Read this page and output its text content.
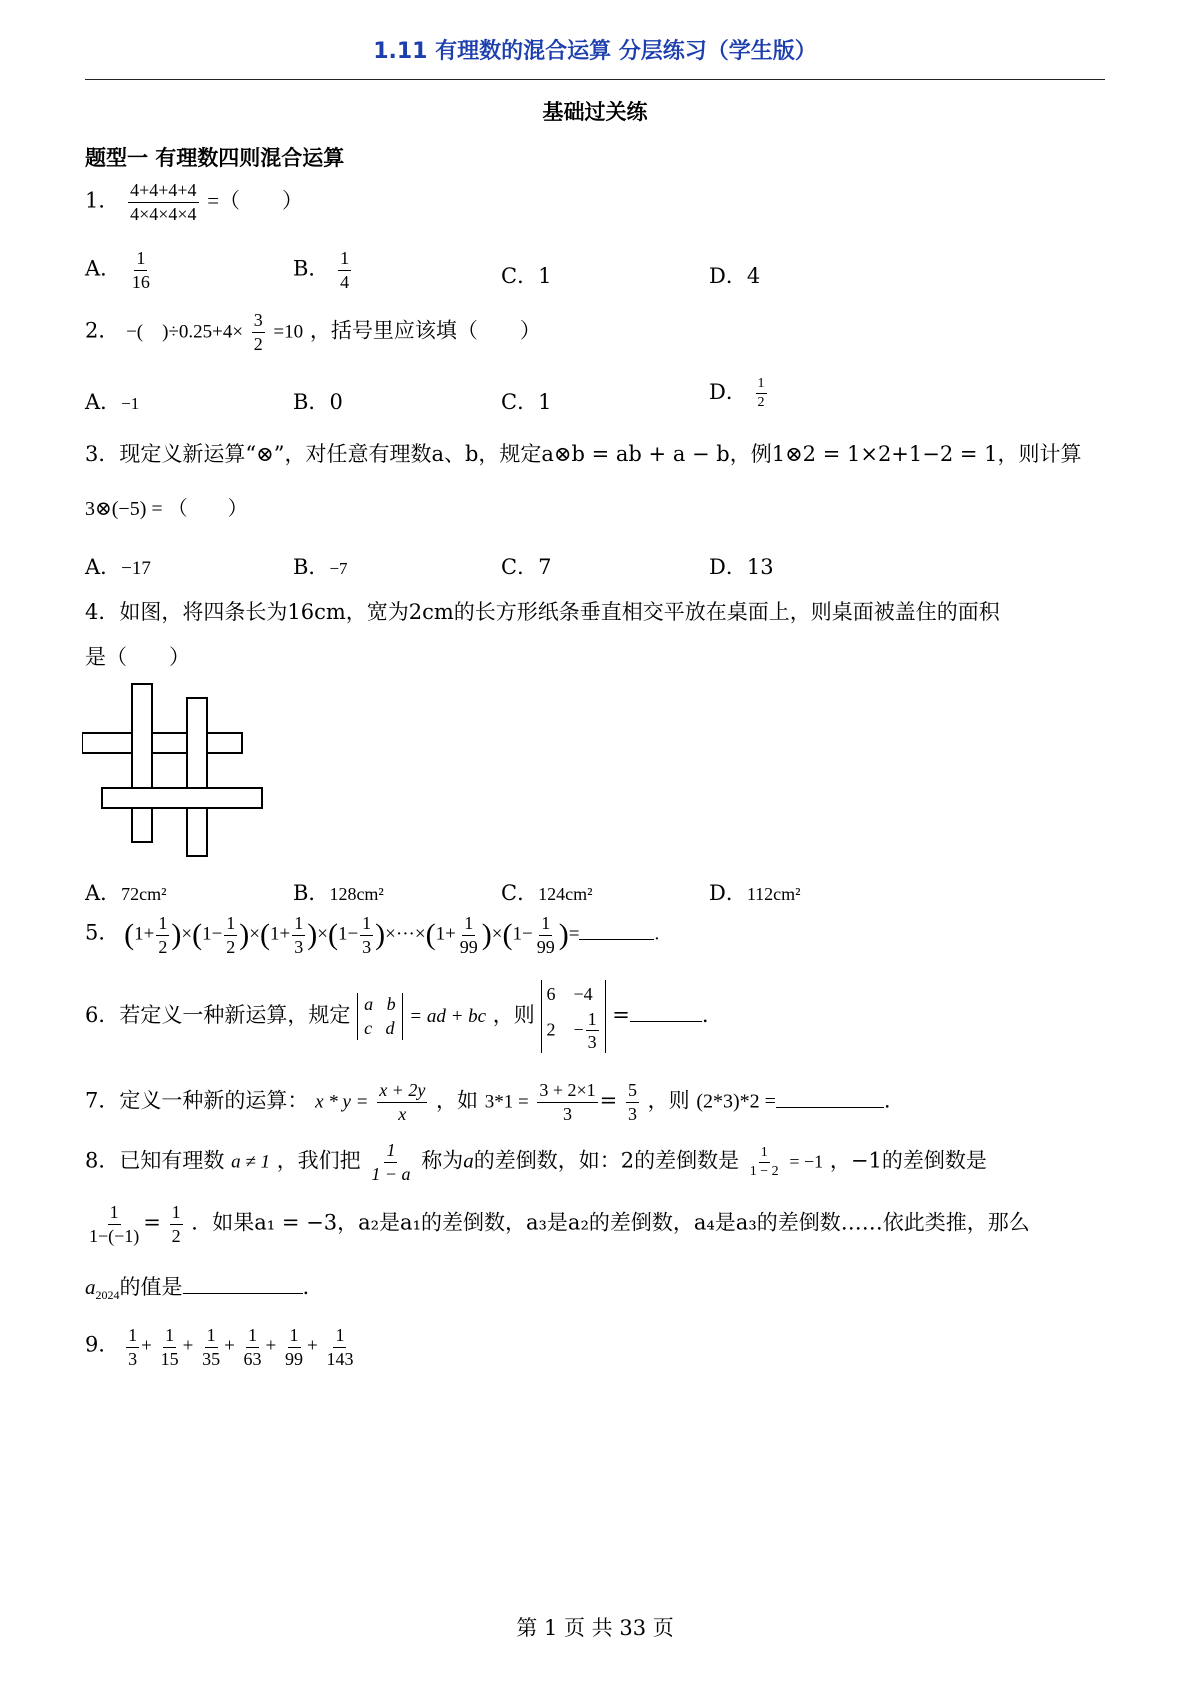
1.11 有理数的混合运算 分层练习（学生版）
基础过关练
题型一 有理数四则混合运算
1． $\frac{4+4+4+4}{4\times 4\times 4\times 4}$ =（　　）
A． $\frac{1}{16}$	B． $\frac{1}{4}$	C．1	D．4
2． −(　)$\div 0.25+4\times \frac{3}{2} =10$ ，括号里应该填（　　）
A．−1	B．0	C．1	D． $\frac{1}{2}$
3．现定义新运算“⊗”，对任意有理数a、b，规定a⊗b = ab + a − b，例1⊗2 = 1×2+1−2 = 1，则计算
3⊗(−5) = （　　）
A．−17	B．−7	C．7	D．13
4．如图，将四条长为16cm，宽为2cm的长方形纸条垂直相交平放在桌面上，则桌面被盖住的面积
是（　　）
A．72cm²	B．128cm²	C．124cm²	D．112cm²
5． $(1+ \frac{1}{2} )\times(1- \frac{1}{2} )\times(1+ \frac{1}{3} )\times(1- \frac{1}{3} )\times\cdot\cdot\cdot\times(1+ \frac{1}{99} )\times(1- \frac{1}{99}$ )=	.
6．若定义一种新运算，规定 a   b
c   d
= ad + bc ，则
6    −4
2    − $\frac{1}{3}$ =	.
7．定义一种新的运算： $x * y = \frac{x + 2y}{x}$ ，如 $3*1 = \frac{3 + 2\times 1}{3} = \frac{5}{3}$ ，则 (2*3)*2 =	.
8．已知有理数 a ≠ 1 ，我们把 $\frac{1}{1 - a}$ 称为a的差倒数，如：2的差倒数是 $\frac{1}{1 - 2} = -1$ ，−1的差倒数是
$\frac{1}{1-(-1)} = \frac{1}{2}$ ．如果a₁ = −3，a₂是a₁的差倒数，a₃是a₂的差倒数，a₄是a₃的差倒数……依此类推，那么
$a_{2024}$的值是	.
9． $\frac{1}{3} + \frac{1}{15} + \frac{1}{35} + \frac{1}{63} + \frac{1}{99} + \frac{1}{143}$
第 1 页 共 33 页
